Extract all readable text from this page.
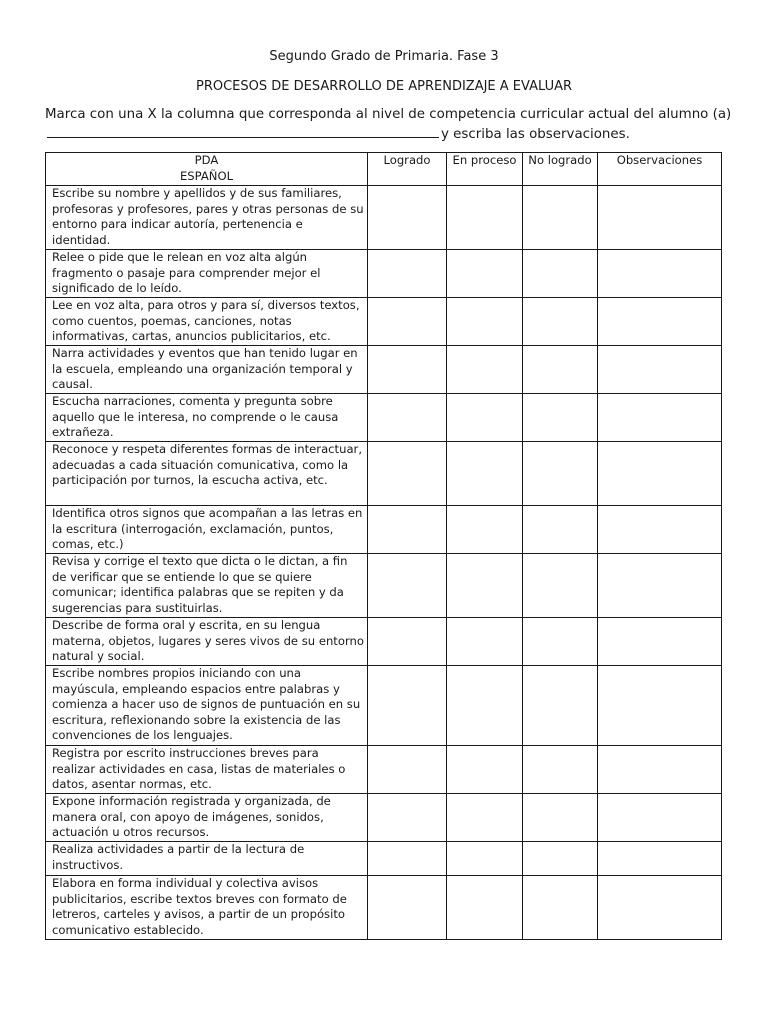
Segundo Grado de Primaria. Fase 3
PROCESOS DE DESARROLLO DE APRENDIZAJE A EVALUAR
Marca con una X la columna que corresponda al nivel de competencia curricular actual del alumno (a)y escriba las observaciones.
PDA
ESPAÑOL	Logrado	En proceso	No logrado	Observaciones
Escribe su nombre y apellidos y de sus familiares, profesoras y profesores, pares y otras personas de su entorno para indicar autoría, pertenencia e identidad.				
Relee o pide que le relean en voz alta algún fragmento o pasaje para comprender mejor el significado de lo leído.				
Lee en voz alta, para otros y para sí, diversos textos, como cuentos, poemas, canciones, notas informativas, cartas, anuncios publicitarios, etc.				
Narra actividades y eventos que han tenido lugar en la escuela, empleando una organización temporal y causal.				
Escucha narraciones, comenta y pregunta sobre aquello que le interesa, no comprende o le causa extrañeza.				
Reconoce y respeta diferentes formas de interactuar, adecuadas a cada situación comunicativa, como la participación por turnos, la escucha activa, etc.				
Identifica otros signos que acompañan a las letras en la escritura (interrogación, exclamación, puntos, comas, etc.)				
Revisa y corrige el texto que dicta o le dictan, a fin de verificar que se entiende lo que se quiere comunicar; identifica palabras que se repiten y da sugerencias para sustituirlas.				
Describe de forma oral y escrita, en su lengua materna, objetos, lugares y seres vivos de su entorno natural y social.				
Escribe nombres propios iniciando con una mayúscula, empleando espacios entre palabras y comienza a hacer uso de signos de puntuación en su escritura, reflexionando sobre la existencia de las convenciones de los lenguajes.				
Registra por escrito instrucciones breves para realizar actividades en casa, listas de materiales o datos, asentar normas, etc.				
Expone información registrada y organizada, de manera oral, con apoyo de imágenes, sonidos, actuación u otros recursos.				
Realiza actividades a partir de la lectura de instructivos.				
Elabora en forma individual y colectiva avisos publicitarios, escribe textos breves con formato de letreros, carteles y avisos, a partir de un propósito comunicativo establecido.				
